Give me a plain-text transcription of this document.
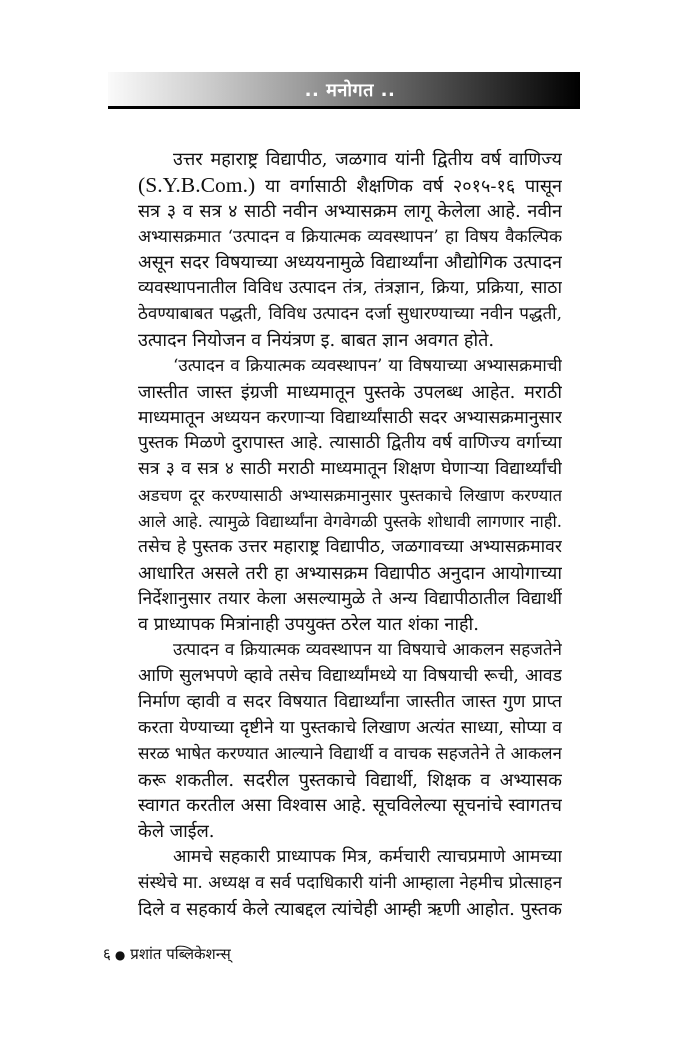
.. मनोगत ..
उत्तर महाराष्ट्र विद्यापीठ, जळगाव यांनी द्वितीय वर्ष वाणिज्य
(S.Y.B.Com.) या वर्गासाठी शैक्षणिक वर्ष २०१५-१६ पासून
सत्र ३ व सत्र ४ साठी नवीन अभ्यासक्रम लागू केलेला आहे. नवीन
अभ्यासक्रमात ‘उत्पादन व क्रियात्मक व्यवस्थापन’ हा विषय वैकल्पिक
असून सदर विषयाच्या अध्ययनामुळे विद्यार्थ्यांना औद्योगिक उत्पादन
व्यवस्थापनातील विविध उत्पादन तंत्र, तंत्रज्ञान, क्रिया, प्रक्रिया, साठा
ठेवण्याबाबत पद्धती, विविध उत्पादन दर्जा सुधारण्याच्या नवीन पद्धती,
उत्पादन नियोजन व नियंत्रण इ. बाबत ज्ञान अवगत होते.
‘उत्पादन व क्रियात्मक व्यवस्थापन’ या विषयाच्या अभ्यासक्रमाची
जास्तीत जास्त इंग्रजी माध्यमातून पुस्तके उपलब्ध आहेत. मराठी
माध्यमातून अध्ययन करणाऱ्या विद्यार्थ्यांसाठी सदर अभ्यासक्रमानुसार
पुस्तक मिळणे दुरापास्त आहे. त्यासाठी द्वितीय वर्ष वाणिज्य वर्गाच्या
सत्र ३ व सत्र ४ साठी मराठी माध्यमातून शिक्षण घेणाऱ्या विद्यार्थ्यांची
अडचण दूर करण्यासाठी अभ्यासक्रमानुसार पुस्तकाचे लिखाण करण्यात
आले आहे. त्यामुळे विद्यार्थ्यांना वेगवेगळी पुस्तके शोधावी लागणार नाही.
तसेच हे पुस्तक उत्तर महाराष्ट्र विद्यापीठ, जळगावच्या अभ्यासक्रमावर
आधारित असले तरी हा अभ्यासक्रम विद्यापीठ अनुदान आयोगाच्या
निर्देशानुसार तयार केला असल्यामुळे ते अन्य विद्यापीठातील विद्यार्थी
व प्राध्यापक मित्रांनाही उपयुक्त ठरेल यात शंका नाही.
उत्पादन व क्रियात्मक व्यवस्थापन या विषयाचे आकलन सहजतेने
आणि सुलभपणे व्हावे तसेच विद्यार्थ्यांमध्ये या विषयाची रूची, आवड
निर्माण व्हावी व सदर विषयात विद्यार्थ्यांना जास्तीत जास्त गुण प्राप्त
करता येण्याच्या दृष्टीने या पुस्तकाचे लिखाण अत्यंत साध्या, सोप्या व
सरळ भाषेत करण्यात आल्याने विद्यार्थी व वाचक सहजतेने ते आकलन
करू शकतील. सदरील पुस्तकाचे विद्यार्थी, शिक्षक व अभ्यासक
स्वागत करतील असा विश्वास आहे. सूचविलेल्या सूचनांचे स्वागतच
केले जाईल.
आमचे सहकारी प्राध्यापक मित्र, कर्मचारी त्याचप्रमाणे आमच्या
संस्थेचे मा. अध्यक्ष व सर्व पदाधिकारी यांनी आम्हाला नेहमीच प्रोत्साहन
दिले व सहकार्य केले त्याबद्दल त्यांचेही आम्ही ऋणी आहोत. पुस्तक
६ ● प्रशांत पब्लिकेशन्स्
